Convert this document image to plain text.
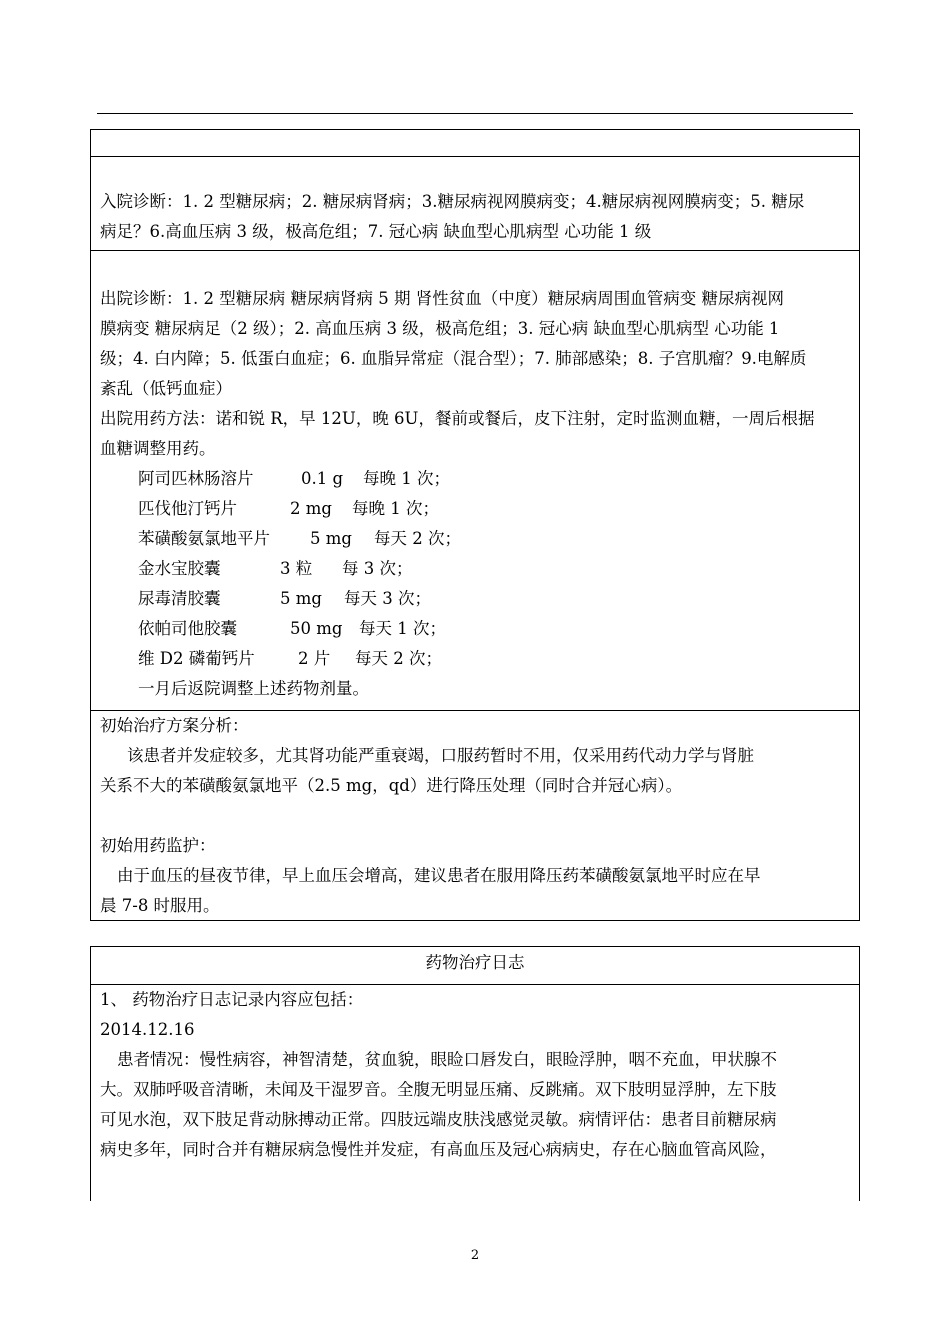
入院诊断：1. 2 型糖尿病；2. 糖尿病肾病；3.糖尿病视网膜病变；4.糖尿病视网膜病变；5. 糖尿

病足？6.高血压病 3 级，极高危组；7. 冠心病 缺血型心肌病型 心功能 1 级

出院诊断：1. 2 型糖尿病 糖尿病肾病 5 期 肾性贫血（中度）糖尿病周围血管病变 糖尿病视网

膜病变 糖尿病足（2 级）；2. 高血压病 3 级，极高危组；3. 冠心病 缺血型心肌病型 心功能 1

级；4. 白内障；5. 低蛋白血症；6. 血脂异常症（混合型）；7. 肺部感染；8. 子宫肌瘤？9.电解质

紊乱（低钙血症）

出院用药方法：诺和锐 R，早 12U，晚 6U，餐前或餐后，皮下注射，定时监测血糖，一周后根据

血糖调整用药。

阿司匹林肠溶片	0.1 g	每晚 1 次；
匹伐他汀钙片	2 mg	每晚 1 次；
苯磺酸氨氯地平片	5 mg	每天 2 次；
金水宝胶囊	3 粒	每 3 次；
尿毒清胶囊	5 mg	每天 3 次；
依帕司他胶囊	50 mg	每天 1 次；
维 D2 磷葡钙片	2 片	每天 2 次；

一月后返院调整上述药物剂量。

初始治疗方案分析：

该患者并发症较多，尤其肾功能严重衰竭，口服药暂时不用，仅采用药代动力学与肾脏

关系不大的苯磺酸氨氯地平（2.5 mg，qd）进行降压处理（同时合并冠心病）。

初始用药监护：

由于血压的昼夜节律，早上血压会增高，建议患者在服用降压药苯磺酸氨氯地平时应在早

晨 7-8 时服用。

药物治疗日志

1、 药物治疗日志记录内容应包括：

2014.12.16

患者情况：慢性病容，神智清楚，贫血貌，眼睑口唇发白，眼睑浮肿，咽不充血，甲状腺不

大。双肺呼吸音清晰，未闻及干湿罗音。全腹无明显压痛、反跳痛。双下肢明显浮肿，左下肢

可见水泡，双下肢足背动脉搏动正常。四肢远端皮肤浅感觉灵敏。病情评估：患者目前糖尿病

病史多年，同时合并有糖尿病急慢性并发症，有高血压及冠心病病史，存在心脑血管高风险，

2
